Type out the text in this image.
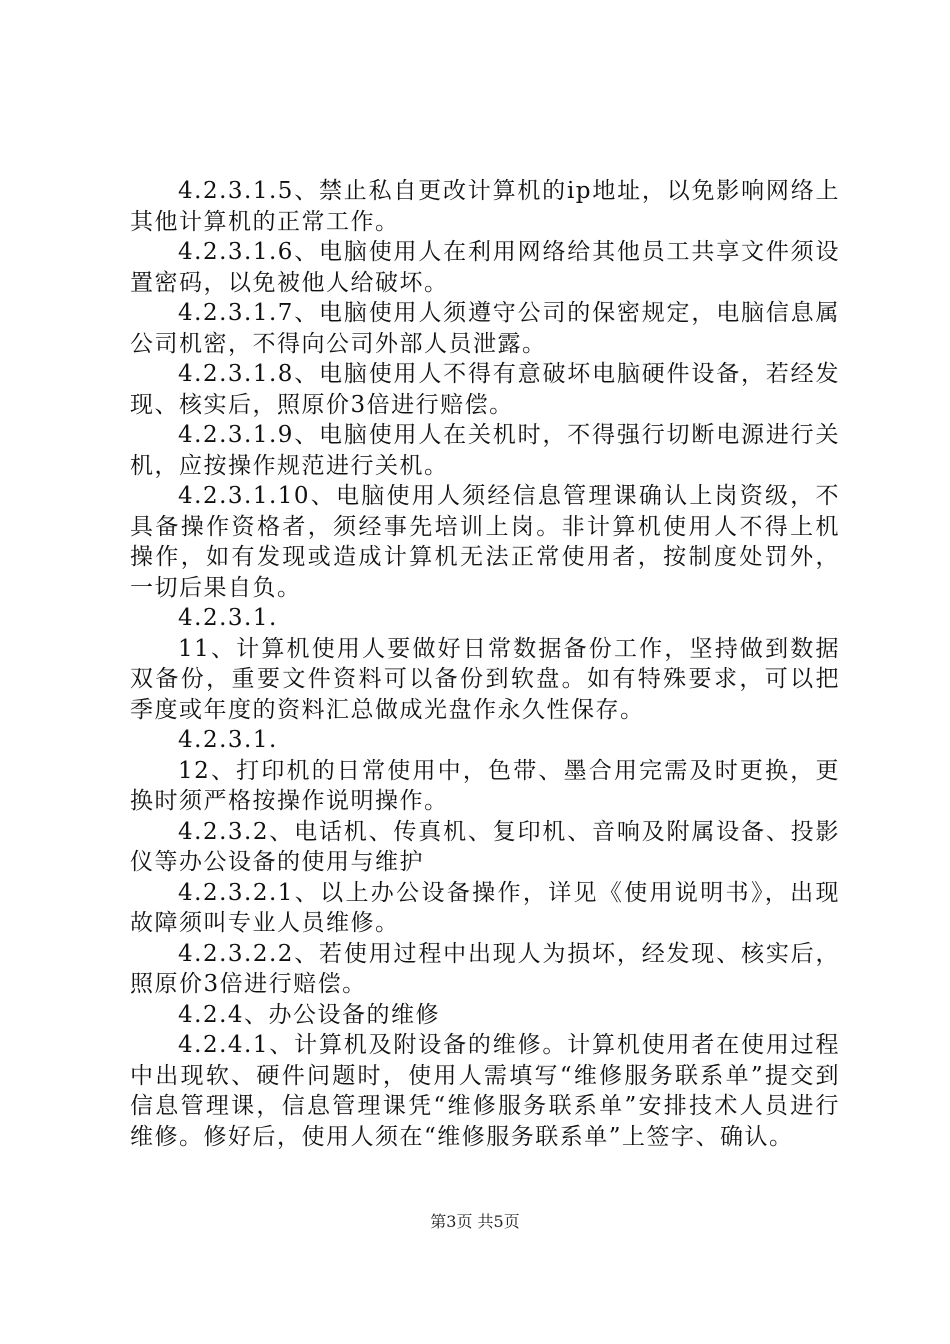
4.2.3.1.5、禁止私自更改计算机的ip地址，以免影响网络上其他计算机的正常工作。

4.2.3.1.6、电脑使用人在利用网络给其他员工共享文件须设置密码，以免被他人给破坏。

4.2.3.1.7、电脑使用人须遵守公司的保密规定，电脑信息属公司机密，不得向公司外部人员泄露。

4.2.3.1.8、电脑使用人不得有意破坏电脑硬件设备，若经发现、核实后，照原价3倍进行赔偿。

4.2.3.1.9、电脑使用人在关机时，不得强行切断电源进行关机，应按操作规范进行关机。

4.2.3.1.10、电脑使用人须经信息管理课确认上岗资级，不具备操作资格者，须经事先培训上岗。非计算机使用人不得上机操作，如有发现或造成计算机无法正常使用者，按制度处罚外，一切后果自负。

4.2.3.1.

11、计算机使用人要做好日常数据备份工作，坚持做到数据双备份，重要文件资料可以备份到软盘。如有特殊要求，可以把季度或年度的资料汇总做成光盘作永久性保存。

4.2.3.1.

12、打印机的日常使用中，色带、墨合用完需及时更换，更换时须严格按操作说明操作。

4.2.3.2、电话机、传真机、复印机、音响及附属设备、投影仪等办公设备的使用与维护

4.2.3.2.1、以上办公设备操作，详见《使用说明书》，出现故障须叫专业人员维修。

4.2.3.2.2、若使用过程中出现人为损坏，经发现、核实后，照原价3倍进行赔偿。

4.2.4、办公设备的维修

4.2.4.1、计算机及附设备的维修。计算机使用者在使用过程中出现软、硬件问题时，使用人需填写“维修服务联系单”提交到信息管理课，信息管理课凭“维修服务联系单”安排技术人员进行维修。修好后，使用人须在“维修服务联系单”上签字、确认。

第3页 共5页
